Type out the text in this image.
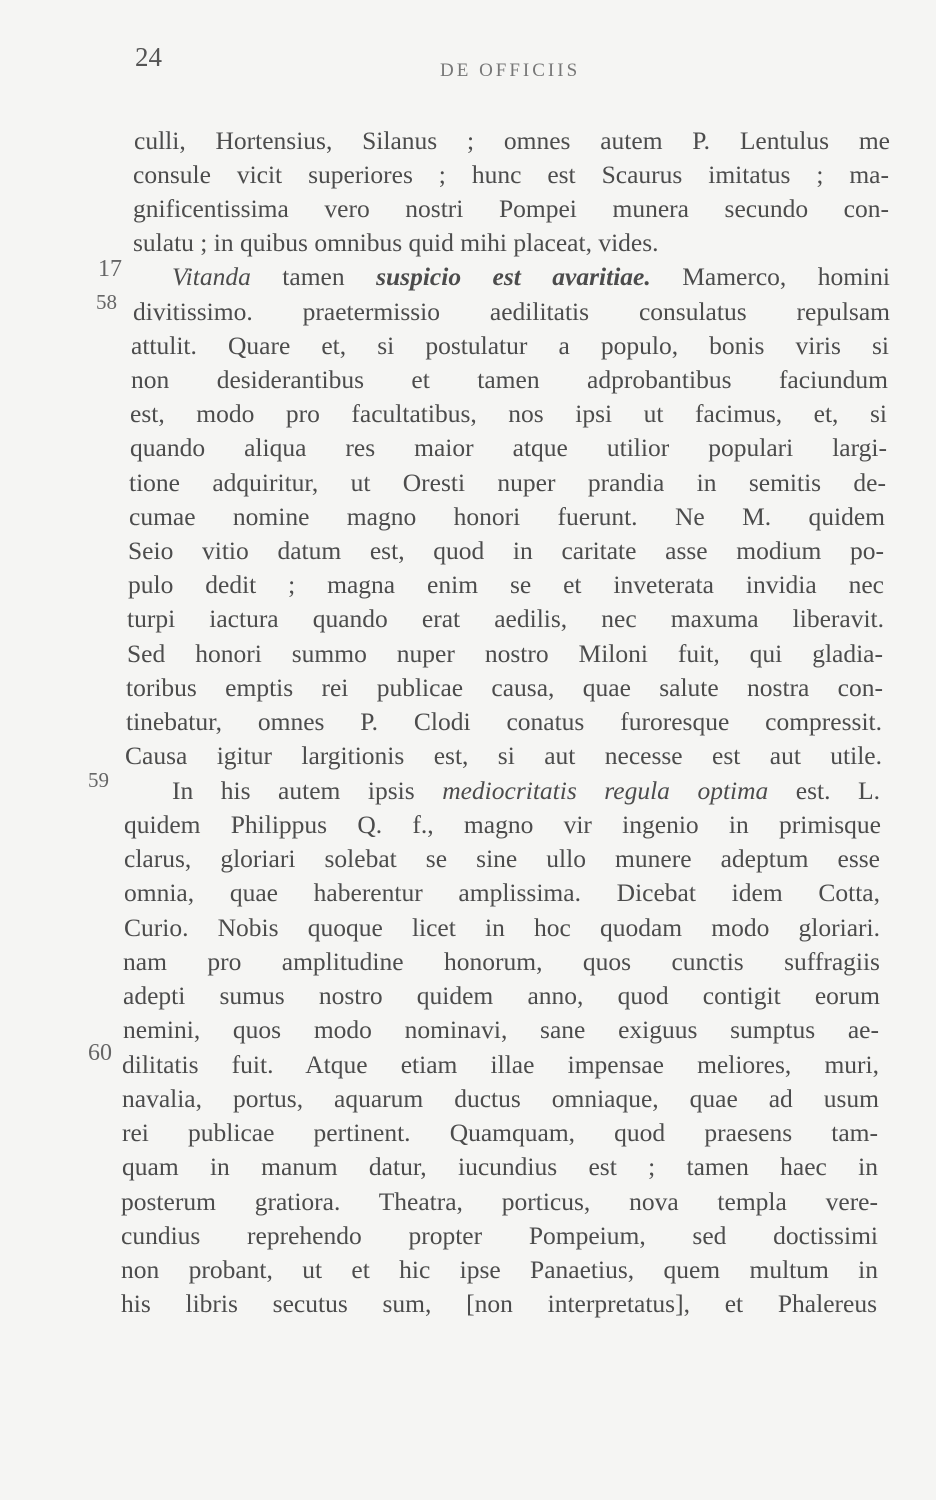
24	DE OFFICIIS
17
58
59
60
culli, Hortensius, Silanus ; omnes autem P. Lentulus me
consule vicit superiores ; hunc est Scaurus imitatus ; ma-
gnificentissima vero nostri Pompei munera secundo con-
sulatu ; in quibus omnibus quid mihi placeat, vides.
Vitanda tamen suspicio est avaritiae. Mamerco, homini
divitissimo. praetermissio aedilitatis consulatus repulsam
attulit. Quare et, si postulatur a populo, bonis viris si
non desiderantibus et tamen adprobantibus faciundum
est, modo pro facultatibus, nos ipsi ut facimus, et, si
quando aliqua res maior atque utilior populari largi-
tione adquiritur, ut Oresti nuper prandia in semitis de-
cumae nomine magno honori fuerunt. Ne M. quidem
Seio vitio datum est, quod in caritate asse modium po-
pulo dedit ; magna enim se et inveterata invidia nec
turpi iactura quando erat aedilis, nec maxuma liberavit.
Sed honori summo nuper nostro Miloni fuit, qui gladia-
toribus emptis rei publicae causa, quae salute nostra con-
tinebatur, omnes P. Clodi conatus furoresque compressit.
Causa igitur largitionis est, si aut necesse est aut utile.
In his autem ipsis mediocritatis regula optima est. L.
quidem Philippus Q. f., magno vir ingenio in primisque
clarus, gloriari solebat se sine ullo munere adeptum esse
omnia, quae haberentur amplissima. Dicebat idem Cotta,
Curio. Nobis quoque licet in hoc quodam modo gloriari.
nam pro amplitudine honorum, quos cunctis suffragiis
adepti sumus nostro quidem anno, quod contigit eorum
nemini, quos modo nominavi, sane exiguus sumptus ae-
dilitatis fuit. Atque etiam illae impensae meliores, muri,
navalia, portus, aquarum ductus omniaque, quae ad usum
rei publicae pertinent. Quamquam, quod praesens tam-
quam in manum datur, iucundius est ; tamen haec in
posterum gratiora. Theatra, porticus, nova templa vere-
cundius reprehendo propter Pompeium, sed doctissimi
non probant, ut et hic ipse Panaetius, quem multum in
his libris secutus sum, [non interpretatus], et Phalereus
